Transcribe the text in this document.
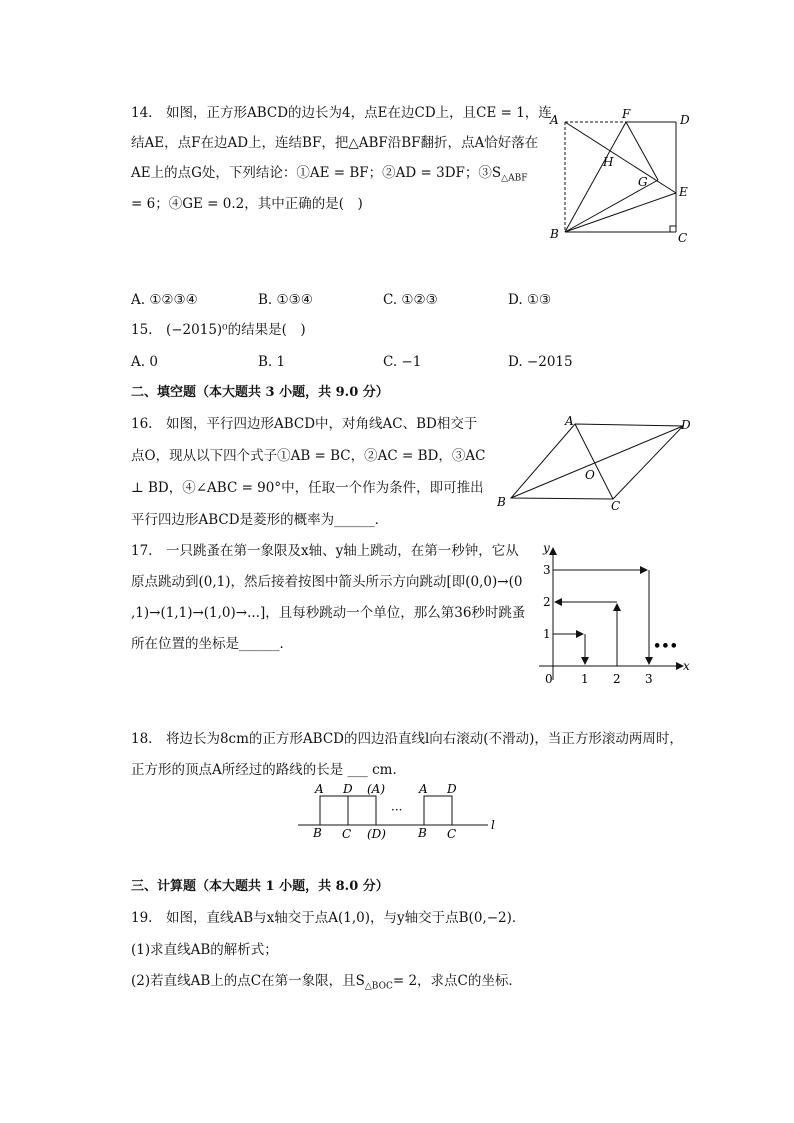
14.　如图，正方形ABCD的边长为4，点E在边CD上，且CE = 1，连
结AE，点F在边AD上，连结BF，把△ABF沿BF翻折，点A恰好落在
AE上的点G处，下列结论：①AE = BF；②AD = 3DF；$③S_{\triangle ABF}$
= 6；④GE = 0.2，其中正确的是(　)
A	F	D
H
G
E
B	C
A. ①②③④	B. ①③④	C. ①②③	D. ①③
15.　(−2015)⁰的结果是(　)
A. 0	B. 1	C. −1	D. −2015
二、填空题（本大题共 3 小题，共 9.0 分）
16.　如图，平行四边形ABCD中，对角线AC、BD相交于
点O，现从以下四个式子①AB = BC，②AC = BD，③AC
⊥ BD，④∠ABC = 90°中，任取一个作为条件，即可推出
平行四边形ABCD是菱形的概率为______．
A	D
O
B	C
17.　一只跳蚤在第一象限及x轴、y轴上跳动，在第一秒钟，它从
原点跳动到(0,1)，然后接着按图中箭头所示方向跳动[即(0,0)→(0
,1)→(1,1)→(1,0)→...]，且每秒跳动一个单位，那么第36秒时跳蚤
所在位置的坐标是______．
y
x
0 1 2 3
1
2
3
•••
18.　将边长为8cm的正方形ABCD的四边沿直线l向右滚动(不滑动)，当正方形滚动两周时，
正方形的顶点A所经过的路线的长是 ___ cm．
A D (A)
···
A D
B C (D)	B C
l
三、计算题（本大题共 1 小题，共 8.0 分）
19.　如图，直线AB与x轴交于点A(1,0)，与y轴交于点B(0,−2)．
(1)求直线AB的解析式；
(2)若直线AB上的点C在第一象限，且$S_{\triangle BOC}= 2$，求点C的坐标．
